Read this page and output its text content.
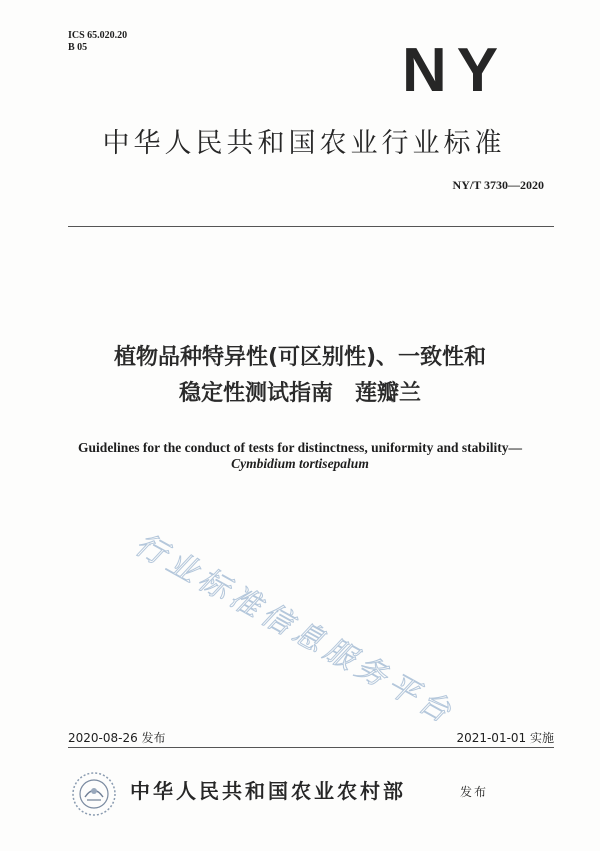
ICS 65.020.20
B 05	NY
中华人民共和国农业行业标准
NY/T 3730—2020
植物品种特异性(可区别性)、一致性和
稳定性测试指南　莲瓣兰
Guidelines for the conduct of tests for distinctness, uniformity and stability—
Cymbidium tortisepalum
行业标准信息服务平台
2020-08-26 发布	2021-01-01 实施
中华人民共和国农业农村部	发布
